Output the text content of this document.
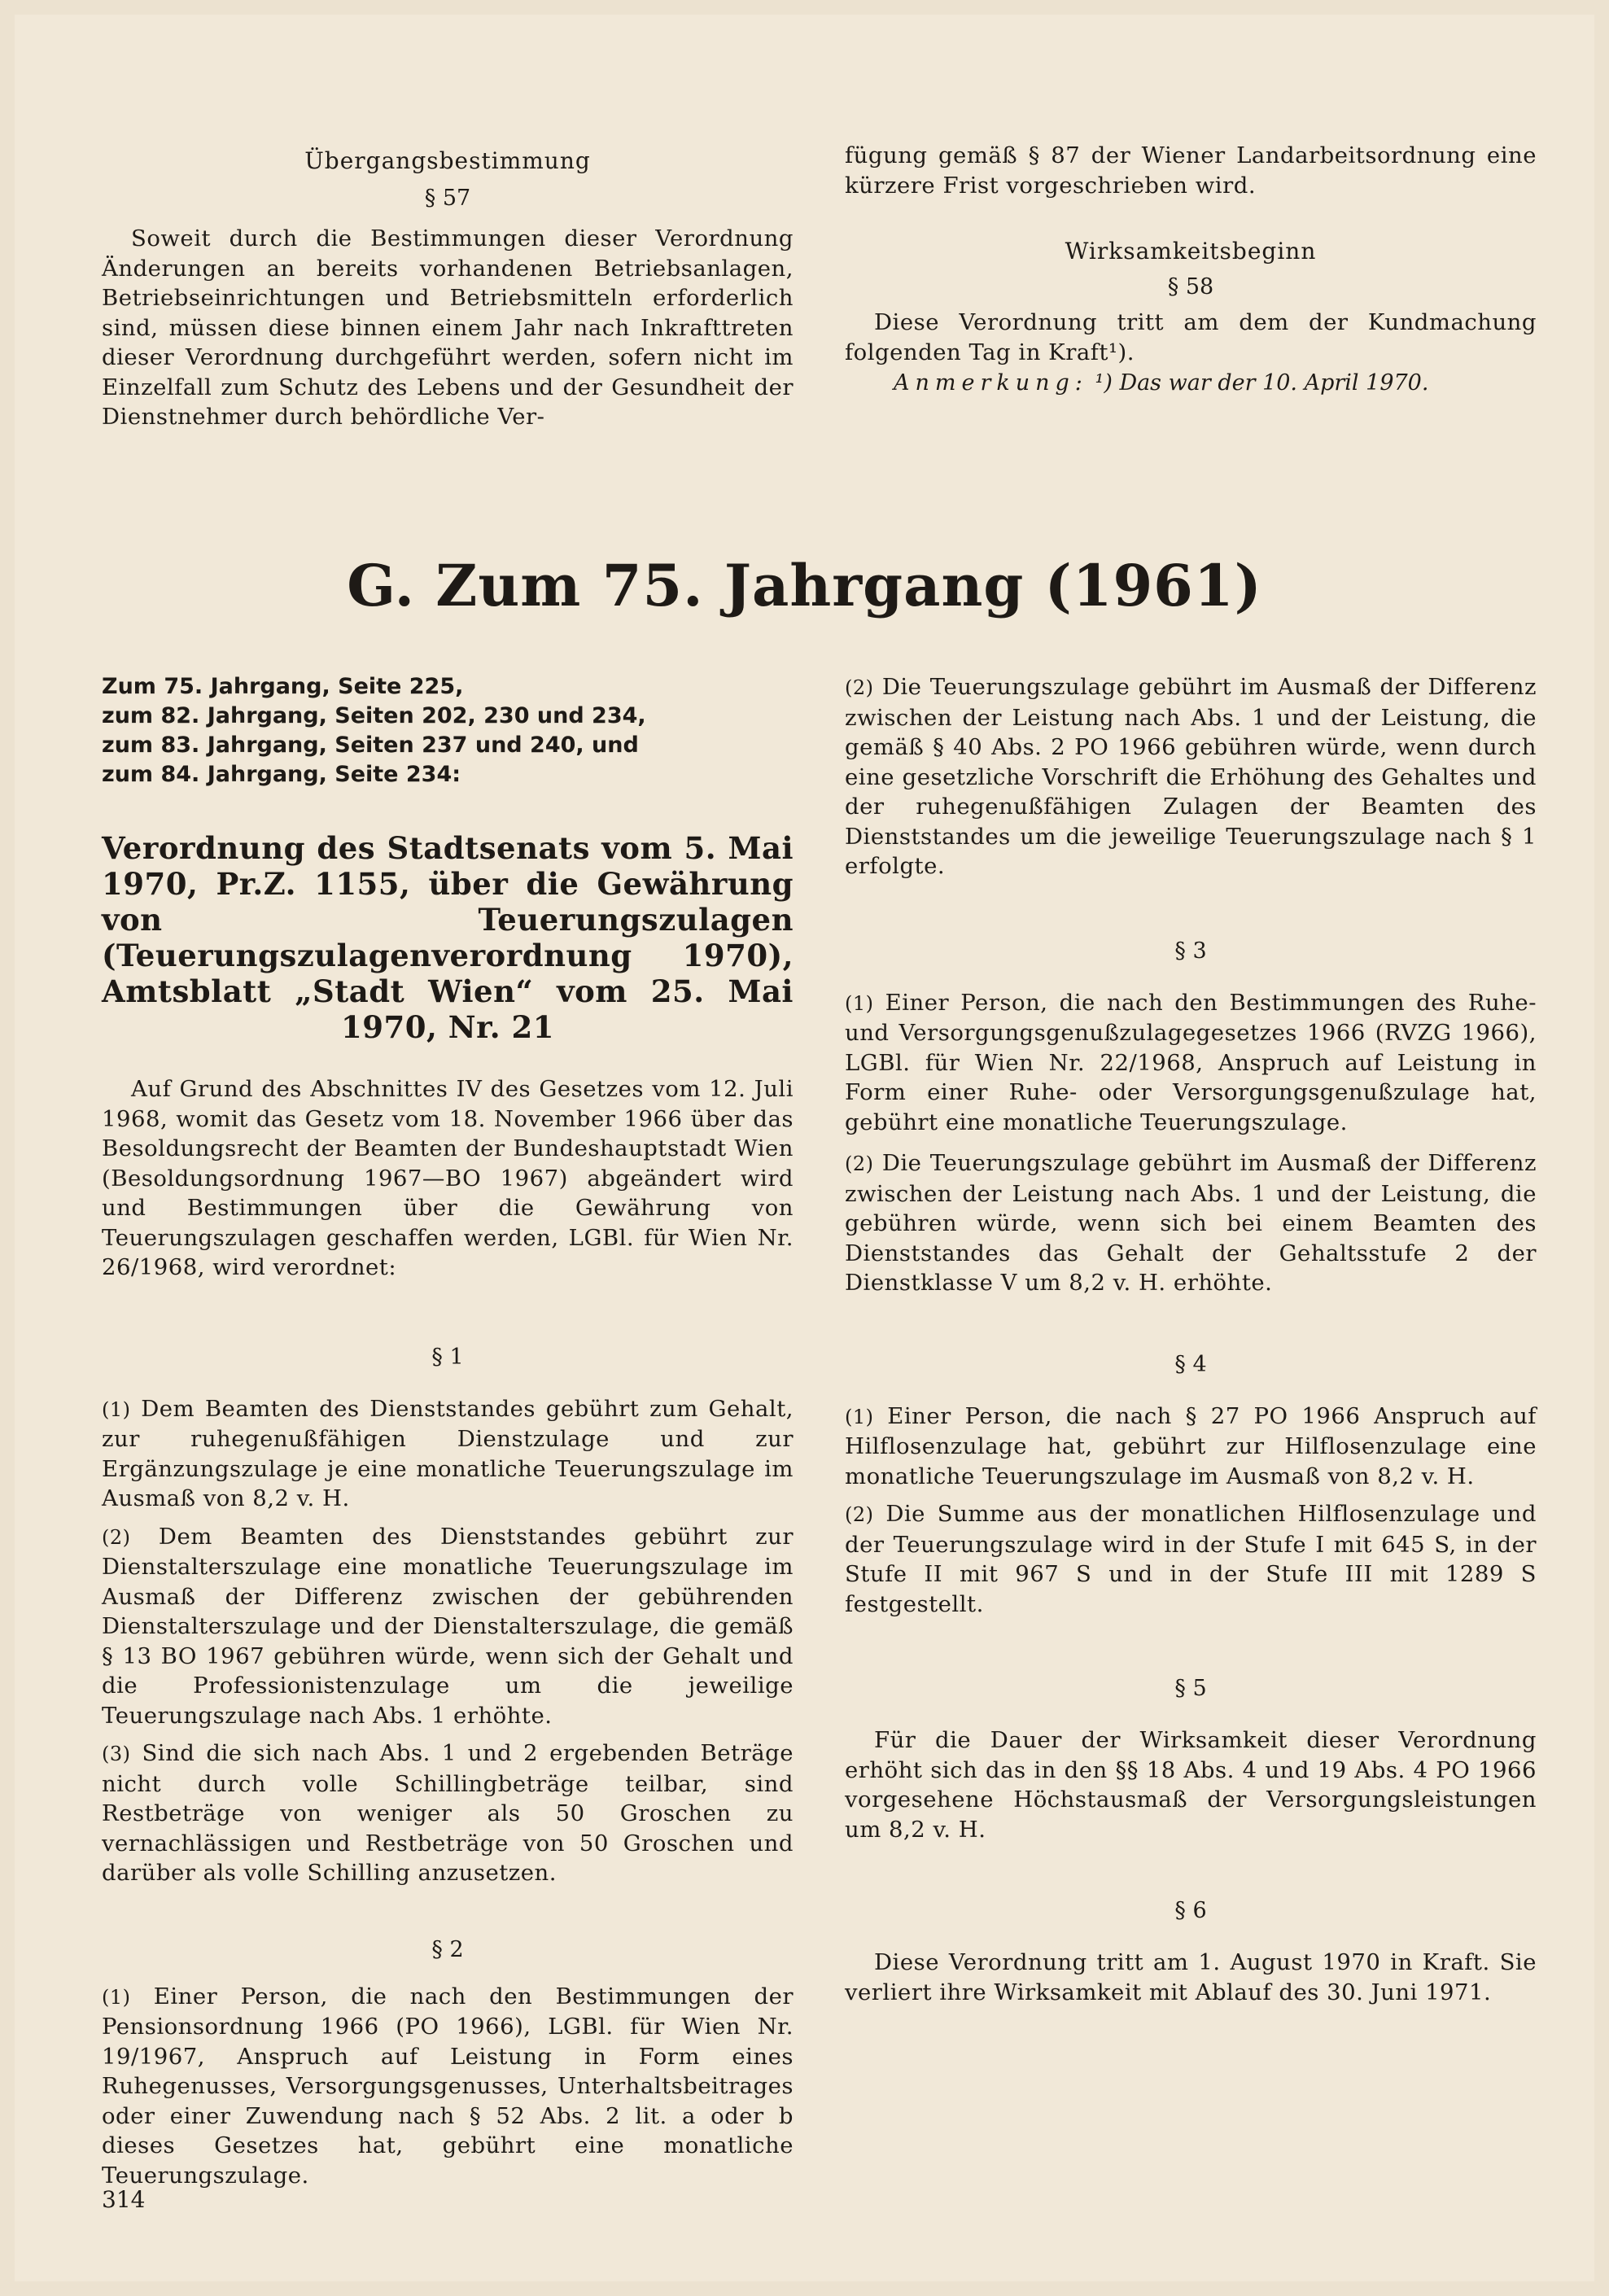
Übergangsbestimmung

§ 57

Soweit durch die Bestimmungen dieser Verordnung Änderungen an bereits vorhandenen Betriebsanlagen, Betriebseinrichtungen und Betriebsmitteln erforderlich sind, müssen diese binnen einem Jahr nach Inkrafttreten dieser Verordnung durchgeführt werden, sofern nicht im Einzelfall zum Schutz des Lebens und der Gesundheit der Dienstnehmer durch behördliche Ver-

fügung gemäß § 87 der Wiener Landarbeitsordnung eine kürzere Frist vorgeschrieben wird.

Wirksamkeitsbeginn

§ 58

Diese Verordnung tritt am dem der Kundmachung folgenden Tag in Kraft¹).

Anmerkung: ¹) Das war der 10. April 1970.

G. Zum 75. Jahrgang (1961)

Zum 75. Jahrgang, Seite 225,

zum 82. Jahrgang, Seiten 202, 230 und 234,

zum 83. Jahrgang, Seiten 237 und 240, und

zum 84. Jahrgang, Seite 234:

Verordnung des Stadtsenats vom 5. Mai 1970, Pr.Z. 1155, über die Gewährung von Teuerungszulagen (Teuerungszulagenverordnung 1970), Amtsblatt „Stadt Wien“ vom 25. Mai 1970, Nr. 21

Auf Grund des Abschnittes IV des Gesetzes vom 12. Juli 1968, womit das Gesetz vom 18. November 1966 über das Besoldungsrecht der Beamten der Bundeshauptstadt Wien (Besoldungsordnung 1967—BO 1967) abgeändert wird und Bestimmungen über die Gewährung von Teuerungszulagen geschaffen werden, LGBl. für Wien Nr. 26/1968, wird verordnet:

§ 1

(1) Dem Beamten des Dienststandes gebührt zum Gehalt, zur ruhegenußfähigen Dienstzulage und zur Ergänzungszulage je eine monatliche Teuerungszulage im Ausmaß von 8,2 v. H.

(2) Dem Beamten des Dienststandes gebührt zur Dienstalterszulage eine monatliche Teuerungszulage im Ausmaß der Differenz zwischen der gebührenden Dienstalterszulage und der Dienstalterszulage, die gemäß § 13 BO 1967 gebühren würde, wenn sich der Gehalt und die Professionistenzulage um die jeweilige Teuerungszulage nach Abs. 1 erhöhte.

(3) Sind die sich nach Abs. 1 und 2 ergebenden Beträge nicht durch volle Schillingbeträge teilbar, sind Restbeträge von weniger als 50 Groschen zu vernachlässigen und Restbeträge von 50 Groschen und darüber als volle Schilling anzusetzen.

§ 2

(1) Einer Person, die nach den Bestimmungen der Pensionsordnung 1966 (PO 1966), LGBl. für Wien Nr. 19/1967, Anspruch auf Leistung in Form eines Ruhegenusses, Versorgungsgenusses, Unterhaltsbeitrages oder einer Zuwendung nach § 52 Abs. 2 lit. a oder b dieses Gesetzes hat, gebührt eine monatliche Teuerungszulage.

(2) Die Teuerungszulage gebührt im Ausmaß der Differenz zwischen der Leistung nach Abs. 1 und der Leistung, die gemäß § 40 Abs. 2 PO 1966 gebühren würde, wenn durch eine gesetzliche Vorschrift die Erhöhung des Gehaltes und der ruhegenußfähigen Zulagen der Beamten des Dienststandes um die jeweilige Teuerungszulage nach § 1 erfolgte.

§ 3

(1) Einer Person, die nach den Bestimmungen des Ruhe- und Versorgungsgenußzulagegesetzes 1966 (RVZG 1966), LGBl. für Wien Nr. 22/1968, Anspruch auf Leistung in Form einer Ruhe- oder Versorgungsgenußzulage hat, gebührt eine monatliche Teuerungszulage.

(2) Die Teuerungszulage gebührt im Ausmaß der Differenz zwischen der Leistung nach Abs. 1 und der Leistung, die gebühren würde, wenn sich bei einem Beamten des Dienststandes das Gehalt der Gehaltsstufe 2 der Dienstklasse V um 8,2 v. H. erhöhte.

§ 4

(1) Einer Person, die nach § 27 PO 1966 Anspruch auf Hilflosenzulage hat, gebührt zur Hilflosenzulage eine monatliche Teuerungszulage im Ausmaß von 8,2 v. H.

(2) Die Summe aus der monatlichen Hilflosenzulage und der Teuerungszulage wird in der Stufe I mit 645 S, in der Stufe II mit 967 S und in der Stufe III mit 1289 S festgestellt.

§ 5

Für die Dauer der Wirksamkeit dieser Verordnung erhöht sich das in den §§ 18 Abs. 4 und 19 Abs. 4 PO 1966 vorgesehene Höchstausmaß der Versorgungsleistungen um 8,2 v. H.

§ 6

Diese Verordnung tritt am 1. August 1970 in Kraft. Sie verliert ihre Wirksamkeit mit Ablauf des 30. Juni 1971.

314
